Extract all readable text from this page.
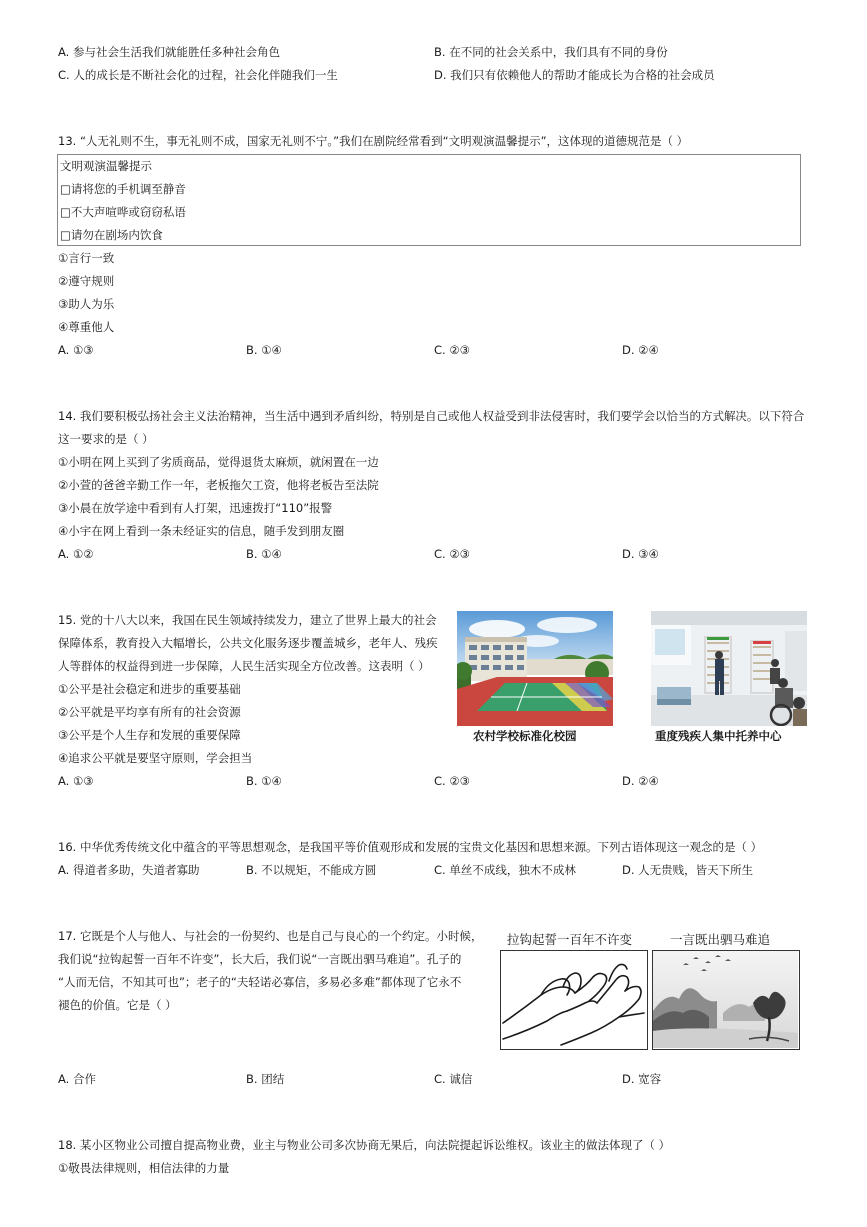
A. 参与社会生活我们就能胜任多种社会角色	B. 在不同的社会关系中，我们具有不同的身份
C. 人的成长是不断社会化的过程，社会化伴随我们一生	D. 我们只有依赖他人的帮助才能成长为合格的社会成员
13. “人无礼则不生，事无礼则不成，国家无礼则不宁。”我们在剧院经常看到“文明观演温馨提示”，这体现的道德规范是（ ）
文明观演温馨提示
□请将您的手机调至静音
□不大声喧哗或窃窃私语
□请勿在剧场内饮食
①言行一致
②遵守规则
③助人为乐
④尊重他人
A. ①③	B. ①④	C. ②③	D. ②④
14. 我们要积极弘扬社会主义法治精神，当生活中遇到矛盾纠纷，特别是自己或他人权益受到非法侵害时，我们要学会以恰当的方式解决。以下符合
这一要求的是（ ）
①小明在网上买到了劣质商品，觉得退货太麻烦，就闲置在一边
②小萱的爸爸辛勤工作一年，老板拖欠工资，他将老板告至法院
③小晨在放学途中看到有人打架，迅速拨打“110”报警
④小宇在网上看到一条未经证实的信息，随手发到朋友圈
A. ①②	B. ①④	C. ②③	D. ③④
15. 党的十八大以来，我国在民生领域持续发力，建立了世界上最大的社会
保障体系，教育投入大幅增长，公共文化服务逐步覆盖城乡，老年人、残疾
人等群体的权益得到进一步保障，人民生活实现全方位改善。这表明（ ）
①公平是社会稳定和进步的重要基础
②公平就是平均享有所有的社会资源
③公平是个人生存和发展的重要保障
④追求公平就是要坚守原则，学会担当
农村学校标准化校园	重度残疾人集中托养中心
A. ①③	B. ①④	C. ②③	D. ②④
16. 中华优秀传统文化中蕴含的平等思想观念，是我国平等价值观形成和发展的宝贵文化基因和思想来源。下列古语体现这一观念的是（ ）
A. 得道者多助，失道者寡助	B. 不以规矩，不能成方圆	C. 单丝不成线，独木不成林	D. 人无贵贱，皆天下所生
17. 它既是个人与他人、与社会的一份契约、也是自己与良心的一个约定。小时候，
我们说“拉钩起誓一百年不许变”，长大后，我们说“一言既出驷马难追”。孔子的
“人而无信，不知其可也”；老子的“夫轻诺必寡信，多易必多难”都体现了它永不
褪色的价值。它是（ ）
拉钩起誓一百年不许变	一言既出驷马难追
A. 合作	B. 团结	C. 诚信	D. 宽容
18. 某小区物业公司擅自提高物业费，业主与物业公司多次协商无果后，向法院提起诉讼维权。该业主的做法体现了（ ）
①敬畏法律规则，相信法律的力量
